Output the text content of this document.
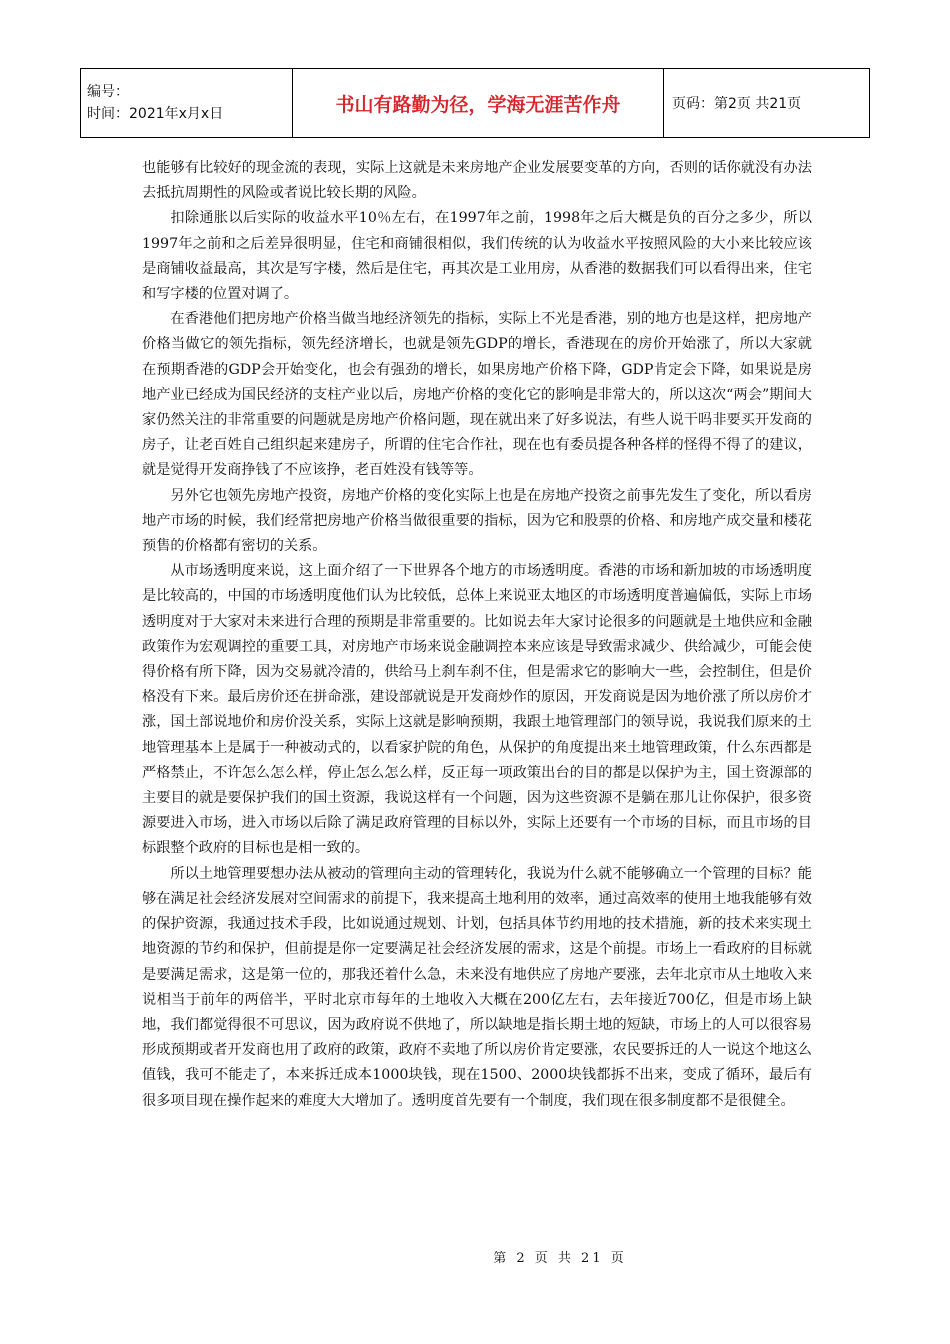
编号：
时间：2021年x月x日	书山有路勤为径，学海无涯苦作舟	页码：第2页 共21页

也能够有比较好的现金流的表现，实际上这就是未来房地产企业发展要变革的方向，否则的话你就没有办法去抵抗周期性的风险或者说比较长期的风险。

扣除通胀以后实际的收益水平10％左右，在1997年之前，1998年之后大概是负的百分之多少，所以1997年之前和之后差异很明显，住宅和商铺很相似，我们传统的认为收益水平按照风险的大小来比较应该是商铺收益最高，其次是写字楼，然后是住宅，再其次是工业用房，从香港的数据我们可以看得出来，住宅和写字楼的位置对调了。

在香港他们把房地产价格当做当地经济领先的指标，实际上不光是香港，别的地方也是这样，把房地产价格当做它的领先指标，领先经济增长，也就是领先GDP的增长，香港现在的房价开始涨了，所以大家就在预期香港的GDP会开始变化，也会有强劲的增长，如果房地产价格下降，GDP肯定会下降，如果说是房地产业已经成为国民经济的支柱产业以后，房地产价格的变化它的影响是非常大的，所以这次“两会”期间大家仍然关注的非常重要的问题就是房地产价格问题，现在就出来了好多说法，有些人说干吗非要买开发商的房子，让老百姓自己组织起来建房子，所谓的住宅合作社，现在也有委员提各种各样的怪得不得了的建议，就是觉得开发商挣钱了不应该挣，老百姓没有钱等等。

另外它也领先房地产投资，房地产价格的变化实际上也是在房地产投资之前事先发生了变化，所以看房地产市场的时候，我们经常把房地产价格当做很重要的指标，因为它和股票的价格、和房地产成交量和楼花预售的价格都有密切的关系。

从市场透明度来说，这上面介绍了一下世界各个地方的市场透明度。香港的市场和新加坡的市场透明度是比较高的，中国的市场透明度他们认为比较低，总体上来说亚太地区的市场透明度普遍偏低，实际上市场透明度对于大家对未来进行合理的预期是非常重要的。比如说去年大家讨论很多的问题就是土地供应和金融政策作为宏观调控的重要工具，对房地产市场来说金融调控本来应该是导致需求减少、供给减少，可能会使得价格有所下降，因为交易就冷清的，供给马上刹车刹不住，但是需求它的影响大一些，会控制住，但是价格没有下来。最后房价还在拼命涨，建设部就说是开发商炒作的原因，开发商说是因为地价涨了所以房价才涨，国土部说地价和房价没关系，实际上这就是影响预期，我跟土地管理部门的领导说，我说我们原来的土地管理基本上是属于一种被动式的，以看家护院的角色，从保护的角度提出来土地管理政策，什么东西都是严格禁止，不许怎么怎么样，停止怎么怎么样，反正每一项政策出台的目的都是以保护为主，国土资源部的主要目的就是要保护我们的国土资源，我说这样有一个问题，因为这些资源不是躺在那儿让你保护，很多资源要进入市场，进入市场以后除了满足政府管理的目标以外，实际上还要有一个市场的目标，而且市场的目标跟整个政府的目标也是相一致的。

所以土地管理要想办法从被动的管理向主动的管理转化，我说为什么就不能够确立一个管理的目标？能够在满足社会经济发展对空间需求的前提下，我来提高土地利用的效率，通过高效率的使用土地我能够有效的保护资源，我通过技术手段，比如说通过规划、计划，包括具体节约用地的技术措施，新的技术来实现土地资源的节约和保护，但前提是你一定要满足社会经济发展的需求，这是个前提。市场上一看政府的目标就是要满足需求，这是第一位的，那我还着什么急，未来没有地供应了房地产要涨，去年北京市从土地收入来说相当于前年的两倍半，平时北京市每年的土地收入大概在200亿左右，去年接近700亿，但是市场上缺地，我们都觉得很不可思议，因为政府说不供地了，所以缺地是指长期土地的短缺，市场上的人可以很容易形成预期或者开发商也用了政府的政策，政府不卖地了所以房价肯定要涨，农民要拆迁的人一说这个地这么值钱，我可不能走了，本来拆迁成本1000块钱，现在1500、2000块钱都拆不出来，变成了循环，最后有很多项目现在操作起来的难度大大增加了。透明度首先要有一个制度，我们现在很多制度都不是很健全。

第 2 页 共 21 页
